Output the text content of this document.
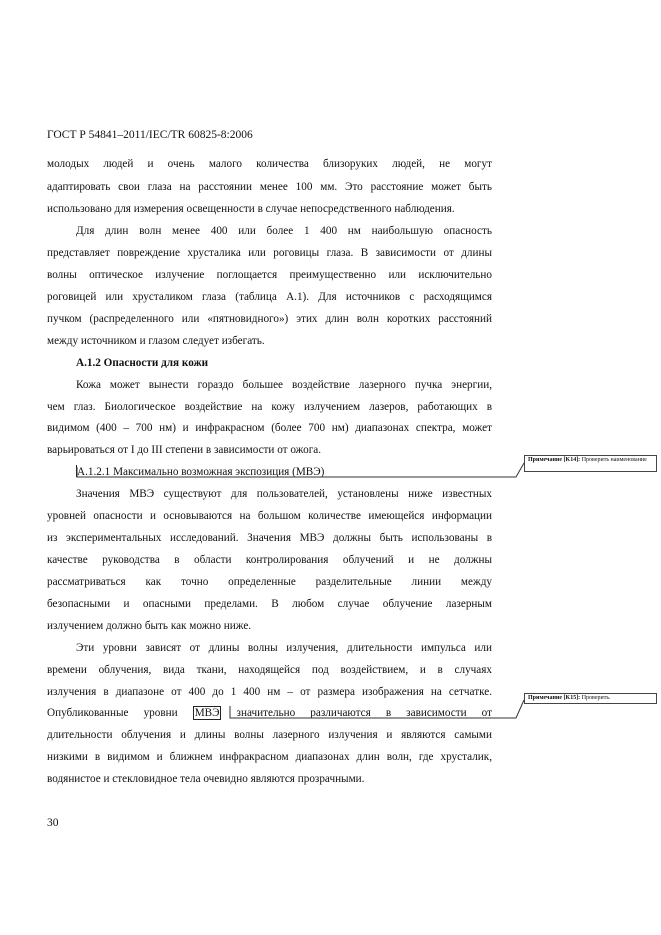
ГОСТ Р 54841–2011/IEC/TR 60825-8:2006
молодых людей и очень малого количества близоруких людей, не могут
адаптировать свои глаза на расстоянии менее 100 мм. Это расстояние может быть
использовано для измерения освещенности в случае непосредственного наблюдения.
Для длин волн менее 400 или более 1 400 нм наибольшую опасность
представляет повреждение хрусталика или роговицы глаза. В зависимости от длины
волны оптическое излучение поглощается преимущественно или исключительно
роговицей или хрусталиком глаза (таблица А.1). Для источников с расходящимся
пучком (распределенного или «пятновидного») этих длин волн коротких расстояний
между источником и глазом следует избегать.
А.1.2 Опасности для кожи
Кожа может вынести гораздо большее воздействие лазерного пучка энергии,
чем глаз. Биологическое воздействие на кожу излучением лазеров, работающих в
видимом (400 – 700 нм) и инфракрасном (более 700 нм) диапазонах спектра, может
варьироваться от I до III степени в зависимости от ожога.
А.1.2.1 Максимально возможная экспозиция (МВЭ)
Значения МВЭ существуют для пользователей, установлены ниже известных
уровней опасности и основываются на большом количестве имеющейся информации
из экспериментальных исследований. Значения МВЭ должны быть использованы в
качестве руководства в области контролирования облучений и не должны
рассматриваться как точно определенные разделительные линии между
безопасными и опасными пределами. В любом случае облучение лазерным
излучением должно быть как можно ниже.
Эти уровни зависят от длины волны излучения, длительности импульса или
времени облучения, вида ткани, находящейся под воздействием, и в случаях
излучения в диапазоне от 400 до 1 400 нм – от размера изображения на сетчатке.
Опубликованные уровни МВЭ значительно различаются в зависимости от
длительности облучения и длины волны лазерного излучения и являются самыми
низкими в видимом и ближнем инфракрасном диапазонах длин волн, где хрусталик,
водянистое и стекловидное тела очевидно являются прозрачными.
30
Примечание [K14]: Проверить наименование
Примечание [K15]: Проверить.
